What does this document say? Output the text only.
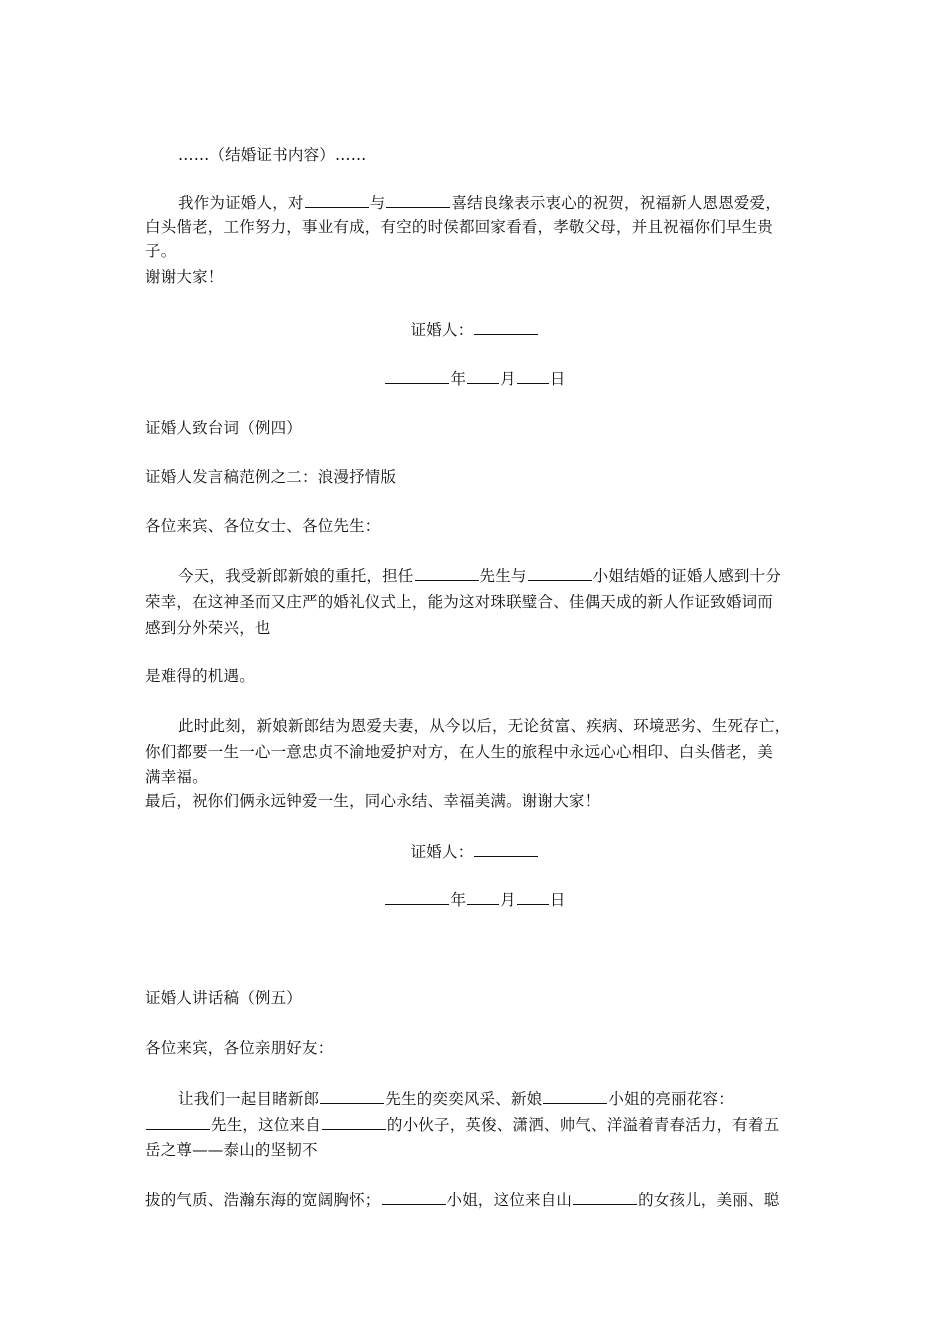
……（结婚证书内容）……
我作为证婚人，对	与	喜结良缘表示衷心的祝贺，祝福新人恩恩爱爱，
白头偕老，工作努力，事业有成，有空的时侯都回家看看，孝敬父母，并且祝福你们早生贵
子。
谢谢大家！
证婚人：
年 月 日
证婚人致台词（例四）
证婚人发言稿范例之二：浪漫抒情版
各位来宾、各位女士、各位先生：
今天，我受新郎新娘的重托，担任	先生与	小姐结婚的证婚人感到十分
荣幸，在这神圣而又庄严的婚礼仪式上，能为这对珠联璧合、佳偶天成的新人作证致婚词而
感到分外荣兴，也
是难得的机遇。
此时此刻，新娘新郎结为恩爱夫妻，从今以后，无论贫富、疾病、环境恶劣、生死存亡，
你们都要一生一心一意忠贞不渝地爱护对方，在人生的旅程中永远心心相印、白头偕老，美
满幸福。
最后，祝你们俩永远钟爱一生，同心永结、幸福美满。谢谢大家！
证婚人：
年 月 日
证婚人讲话稿（例五）
各位来宾，各位亲朋好友：
让我们一起目睹新郎	先生的奕奕风采、新娘	小姐的亮丽花容：
先生，这位来自	的小伙子，英俊、潇洒、帅气、洋溢着青春活力，有着五
岳之尊——泰山的坚韧不
拔的气质、浩瀚东海的宽阔胸怀；	小姐，这位来自山	的女孩儿，美丽、聪
